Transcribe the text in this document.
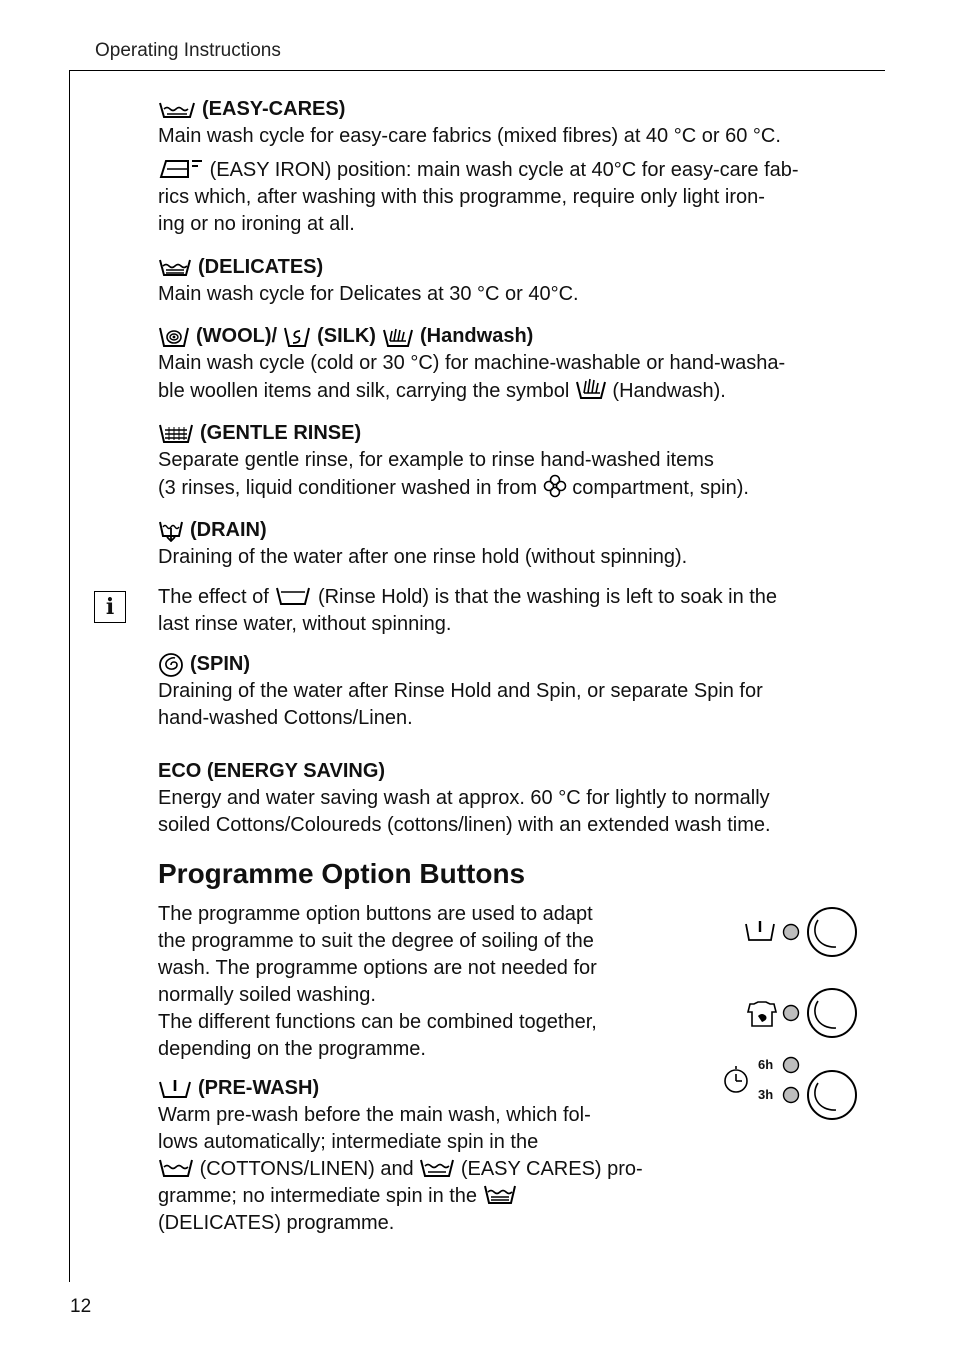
Operating Instructions
12
(EASY-CARES)

Main wash cycle for easy-care fabrics (mixed fibres) at 40 °C or 60 °C.

(EASY IRON) position: main wash cycle at 40°C for easy-care fab-

rics which, after washing with this programme, require only light iron-

ing or no ironing at all.

(DELICATES)

Main wash cycle for Delicates at 30 °C or 40°C.

(WOOL)/ (SILK) (Handwash)

Main wash cycle (cold or 30 °C) for machine-washable or hand-washa-

ble woollen items and silk, carrying the symbol (Handwash).

(GENTLE RINSE)

Separate gentle rinse, for example to rinse hand-washed items

(3 rinses, liquid conditioner washed in from compartment, spin).

(DRAIN)

Draining of the water after one rinse hold (without spinning).

The effect of (Rinse Hold) is that the washing is left to soak in the

last rinse water, without spinning.

(SPIN)

Draining of the water after Rinse Hold and Spin, or separate Spin for

hand-washed Cottons/Linen.

ECO (ENERGY SAVING)

Energy and water saving wash at approx. 60 °C for lightly to normally

soiled Cottons/Coloureds (cottons/linen) with an extended wash time.

The programme option buttons are used to adapt

the programme to suit the degree of soiling of the

wash. The programme options are not needed for

normally soiled washing.

The different functions can be combined together,

depending on the programme.

(PRE-WASH)

Warm pre-wash before the main wash, which fol-

lows automatically; intermediate spin in the

(COTTONS/LINEN) and (EASY CARES) pro-

gramme; no intermediate spin in the

(DELICATES) programme.

i
Programme Option Buttons
6h
3h
